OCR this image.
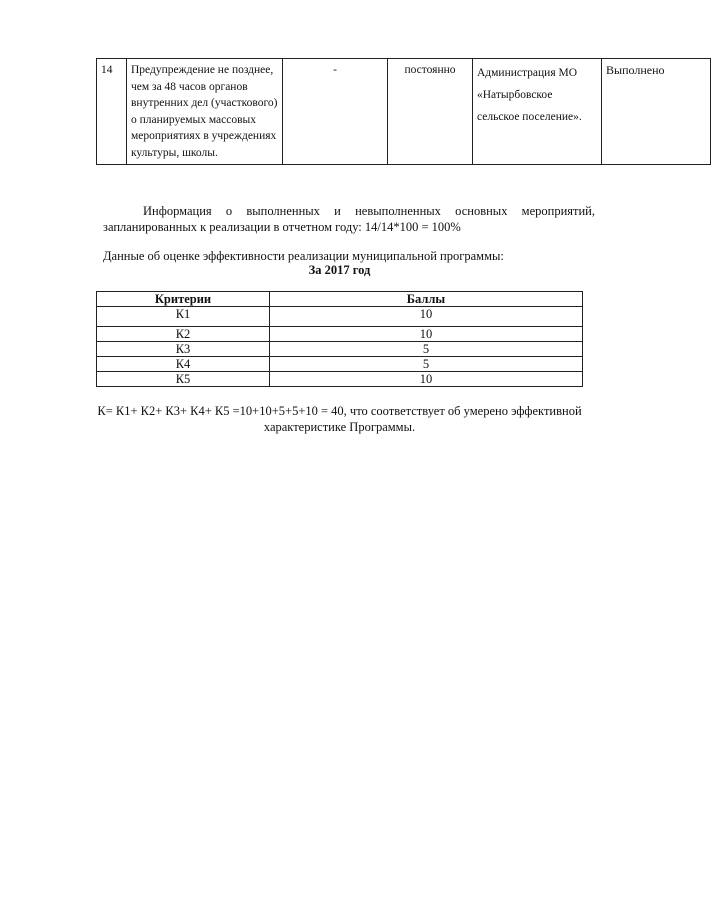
14	Предупреждение не позднее, чем за 48 часов органов внутренних дел (участкового) о планируемых массовых мероприятиях в учреждениях культуры, школы.	-	постоянно	Администрация МО «Натырбовское сельское поселение».	Выполнено
Информация о выполненных и невыполненных основных мероприятий, запланированных к реализации в отчетном году: 14/14*100 = 100%
Данные об оценке эффективности реализации муниципальной программы:
За 2017 год
Критерии	Баллы
К1	10
К2	10
К3	5
К4	5
К5	10
К= К1+ К2+ К3+ К4+ К5 =10+10+5+5+10 = 40, что соответствует об умерено эффективной характеристике Программы.
